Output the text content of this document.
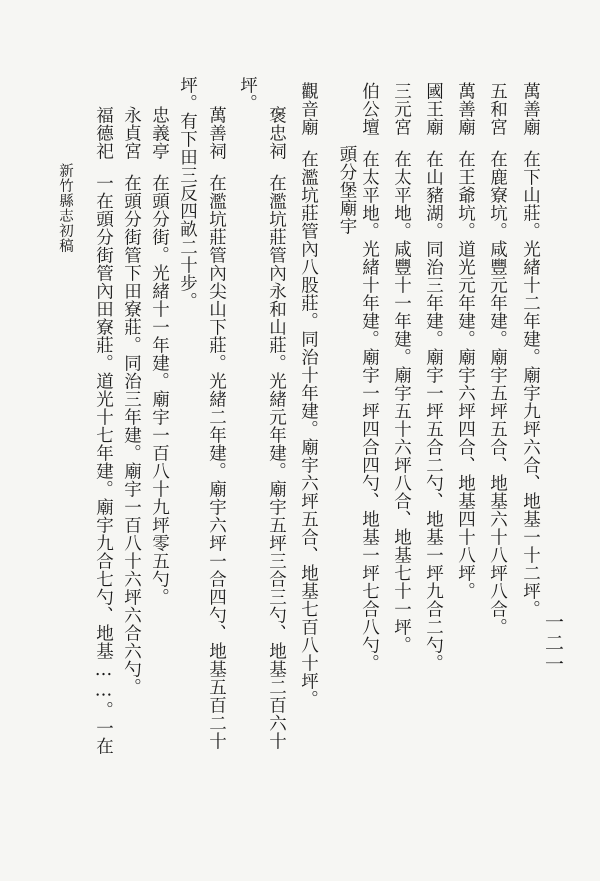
新竹縣志初稿
一二一
頭分堡廟宇
萬善廟在下山莊。光緒十二年建。廟宇九坪六合、地基一十二坪。
五和宮在鹿寮坑。咸豐元年建。廟宇五坪五合、地基六十八坪八合。
萬善廟在王爺坑。道光元年建。廟宇六坪四合、地基四十八坪。
國王廟在山豬湖。同治三年建。廟宇一坪五合二勺、地基一坪九合二勺。
三元宮在太平地。咸豐十一年建。廟宇五十六坪八合、地基七十一坪。
伯公壇在太平地。光緒十年建。廟宇一坪四合四勺、地基一坪七合八勺。
觀音廟在濫坑莊管內八股莊。同治十年建。廟宇六坪五合、地基七百八十坪。
褒忠祠在濫坑莊管內永和山莊。光緒元年建。廟宇五坪三合三勺、地基二百六十
坪。
萬善祠在濫坑莊管內尖山下莊。光緒二年建。廟宇六坪一合四勺、地基五百二十
坪。有下田三反四畝二十步。
忠義亭在頭分街。光緒十一年建。廟宇一百八十九坪零五勺。
永貞宮在頭分街管下田寮莊。同治三年建。廟宇一百八十六坪六合六勺。
福德祀一在頭分街管內田寮莊。道光十七年建。廟宇九合七勺、地基……。一在
